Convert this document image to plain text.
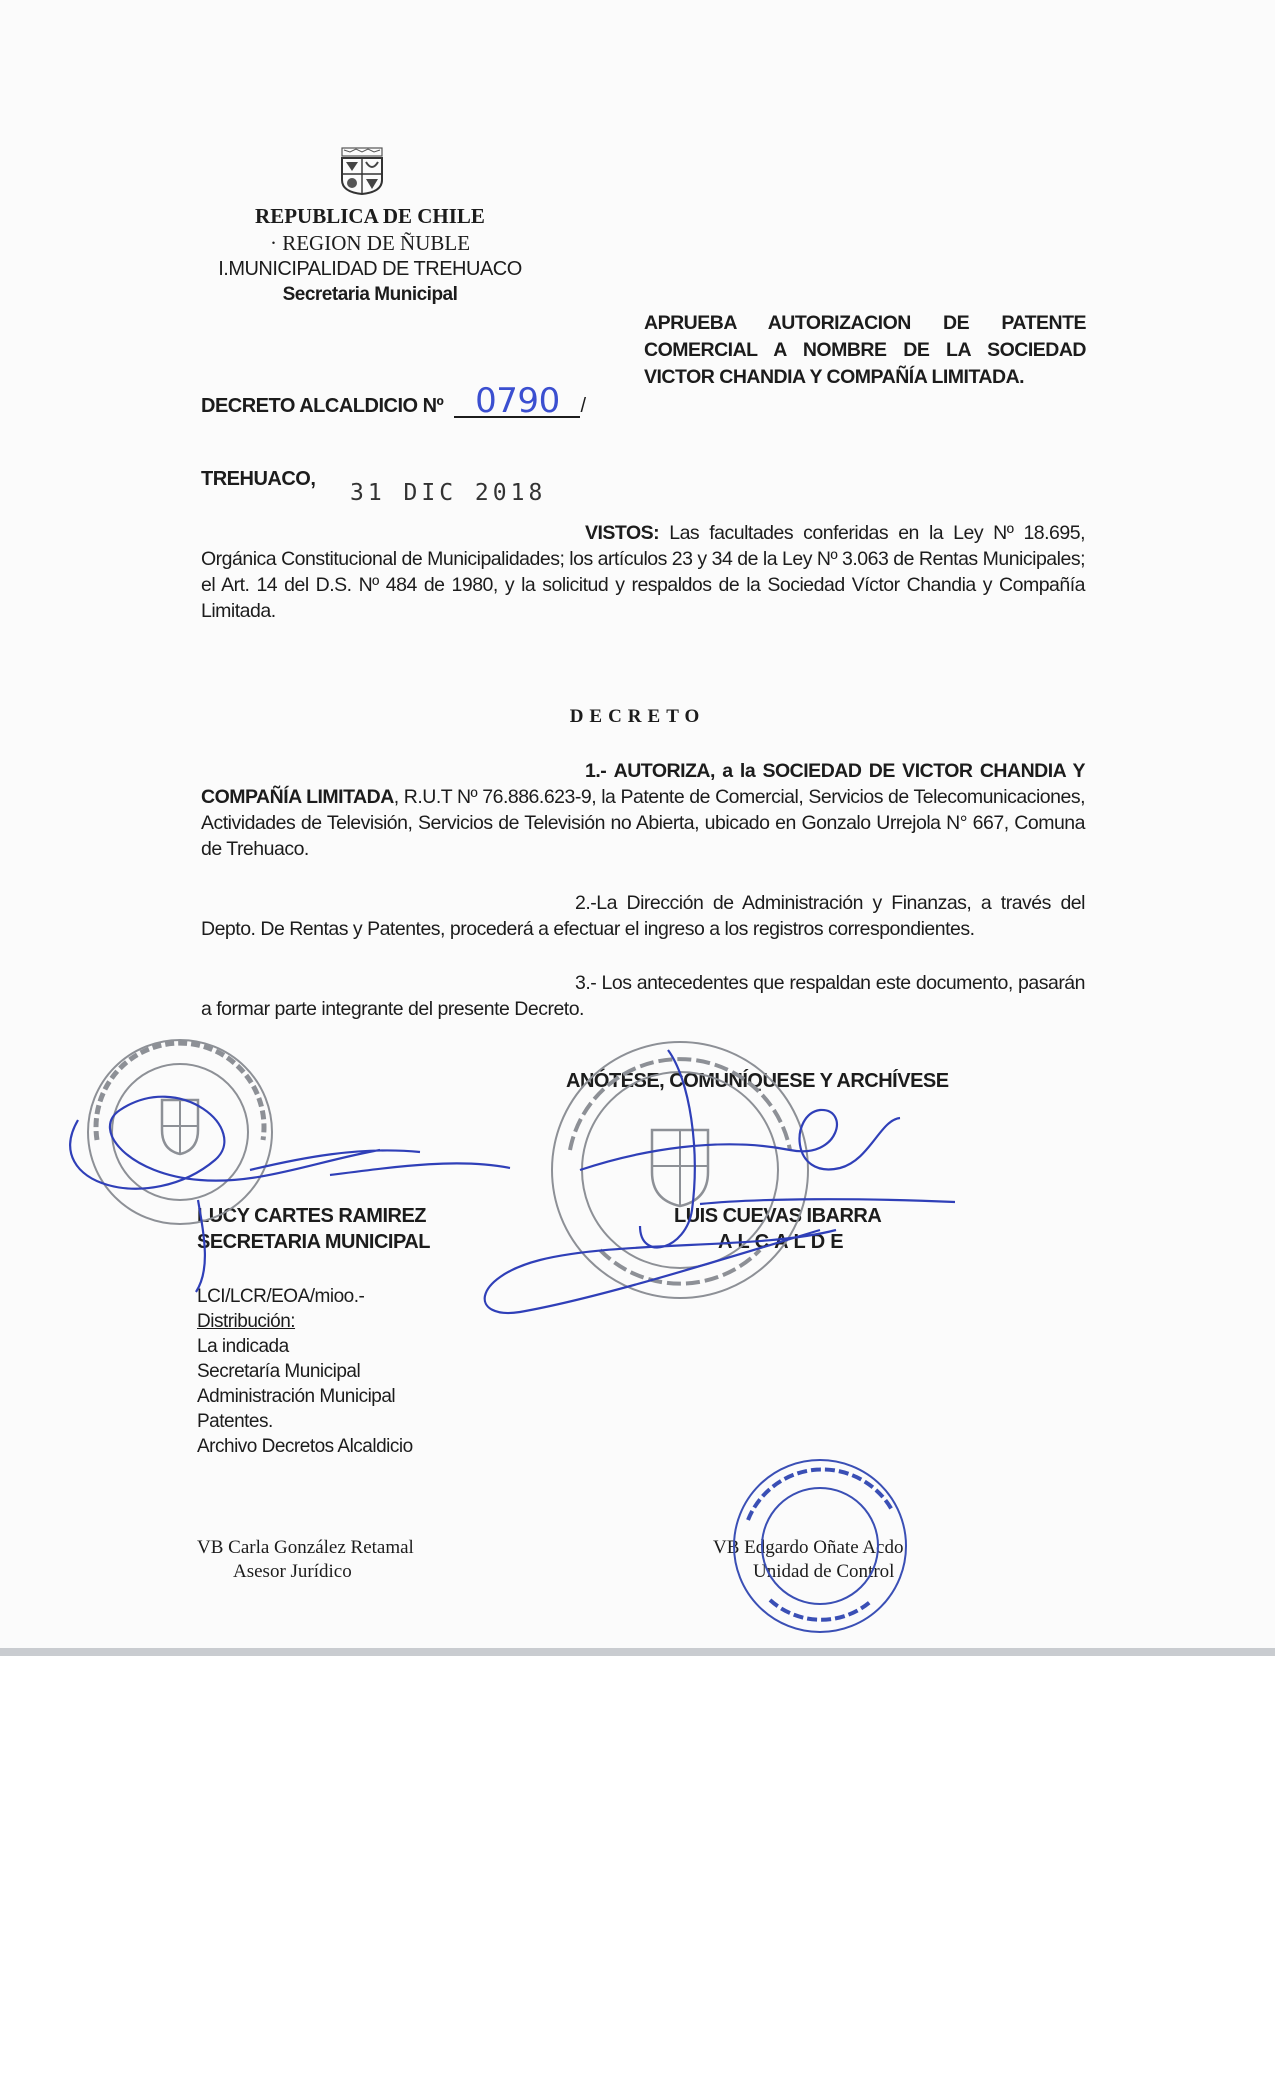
REPUBLICA DE CHILE
· REGION DE ÑUBLE
I.MUNICIPALIDAD DE TREHUACO
Secretaria Municipal
APRUEBA AUTORIZACION DE PATENTE
COMERCIAL A NOMBRE DE LA SOCIEDAD
VICTOR CHANDIA Y COMPAÑÍA LIMITADA.
DECRETO ALCALDICIO Nº 0790 /
TREHUACO,
31 DIC 2018
VISTOS: Las facultades conferidas en la Ley Nº 18.695, Orgánica Constitucional de Municipalidades; los artículos 23 y 34 de la Ley Nº 3.063 de Rentas Municipales; el Art. 14 del D.S. Nº 484 de 1980, y la solicitud y respaldos de la Sociedad Víctor Chandia y Compañía Limitada.
DECRETO
1.- AUTORIZA, a la SOCIEDAD DE VICTOR CHANDIA Y COMPAÑÍA LIMITADA, R.U.T Nº 76.886.623-9, la Patente de Comercial, Servicios de Telecomunicaciones, Actividades de Televisión, Servicios de Televisión no Abierta, ubicado en Gonzalo Urrejola N° 667, Comuna de Trehuaco.
2.-La Dirección de Administración y Finanzas, a través del Depto. De Rentas y Patentes, procederá a efectuar el ingreso a los registros correspondientes.
3.- Los antecedentes que respaldan este documento, pasarán a formar parte integrante del presente Decreto.
ANÓTESE, COMUNÍQUESE Y ARCHÍVESE
LUCY CARTES RAMIREZ
SECRETARIA MUNICIPAL
LUIS CUEVAS IBARRA
ALCALDE
LCI/LCR/EOA/mioo.-
Distribución:
La indicada
Secretaría Municipal
Administración Municipal
Patentes.
Archivo Decretos Alcaldicio
VB Carla González Retamal
Asesor Jurídico
VB Edgardo Oñate Acdo
Unidad de Control
